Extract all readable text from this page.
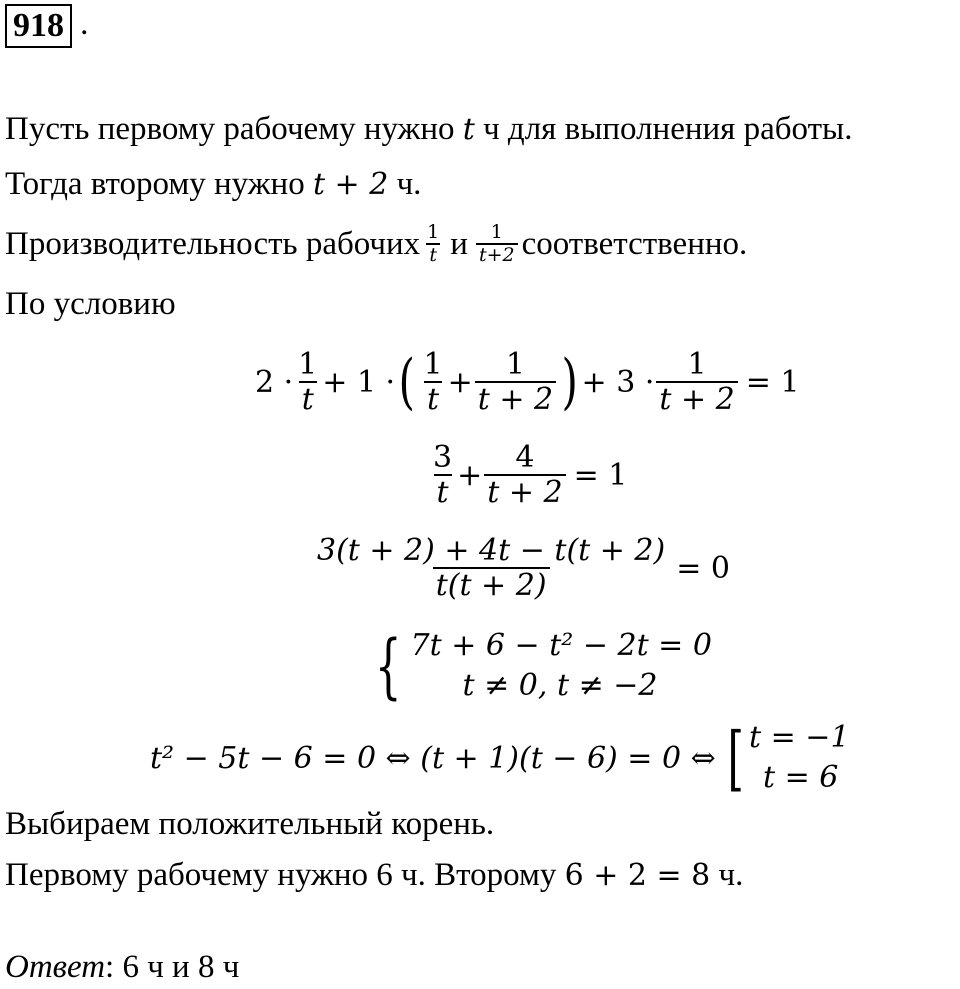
918 .
Пусть первому рабочему нужно t ч для выполнения работы.
Тогда второму нужно t + 2 ч.
Производительность рабочих $\frac{1}{t}$ и $\frac{1}{t+2}$ соответственно.
По условию
$2 \cdot \frac{1}{t} + 1$ · ( $\frac{1}{t} + \frac{1}{t + 2}$ ) + $3 \cdot \frac{1}{t + 2} = 1$
$\frac{3}{t} + \frac{4}{t + 2} = 1$
$\frac{3(t + 2) + 4t - t(t + 2)}{t(t + 2)} = 0$
{ 7t + 6 − t² − 2t = 0
t ≠ 0, t ≠ −2
t² − 5t − 6 = 0 ⇔ (t + 1)(t − 6) = 0 ⇔ [ t = −1
t = 6
Выбираем положительный корень.
Первому рабочему нужно 6 ч. Второму 6 + 2 = 8 ч.
Ответ: 6 ч и 8 ч
